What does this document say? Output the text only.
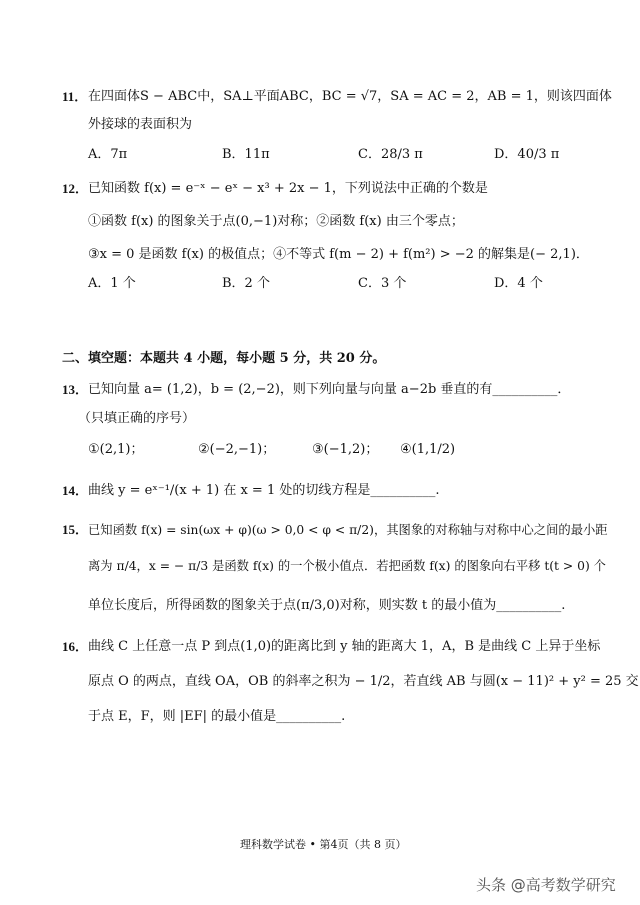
11． 在四面体S − ABC中，SA⊥平面ABC，BC = √7，SA = AC = 2，AB = 1，则该四面体
外接球的表面积为
A．7π	B．11π	C．28/3 π	D．40/3 π
12． 已知函数 f(x) = e⁻ˣ − eˣ − x³ + 2x − 1，下列说法中正确的个数是
①函数 f(x) 的图象关于点(0,−1)对称；②函数 f(x) 由三个零点；
③x = 0 是函数 f(x) 的极值点；④不等式 f(m − 2) + f(m²) > −2 的解集是(− 2,1)．
A．1 个	B．2 个	C．3 个	D．4 个
二、填空题：本题共 4 小题，每小题 5 分，共 20 分。
13． 已知向量 a= (1,2)，b = (2,−2)，则下列向量与向量 a−2b 垂直的有__________．
（只填正确的序号）
①(2,1)；	②(−2,−1)；	③(−1,2)； ④(1,1/2)
14． 曲线 y = eˣ⁻¹/(x + 1) 在 x = 1 处的切线方程是__________.
15． 已知函数 f(x) = sin(ωx + φ)(ω > 0,0 < φ < π/2)，其图象的对称轴与对称中心之间的最小距
离为 π/4，x = − π/3 是函数 f(x) 的一个极小值点．若把函数 f(x) 的图象向右平移 t(t > 0) 个
单位长度后，所得函数的图象关于点(π/3,0)对称，则实数 t 的最小值为__________.
16． 曲线 C 上任意一点 P 到点(1,0)的距离比到 y 轴的距离大 1，A，B 是曲线 C 上异于坐标
原点 O 的两点，直线 OA，OB 的斜率之积为 − 1/2，若直线 AB 与圆(x − 11)² + y² = 25 交
于点 E，F，则 |EF| 的最小值是__________.
理科数学试卷 • 第4页（共 8 页）
头条 @高考数学研究
